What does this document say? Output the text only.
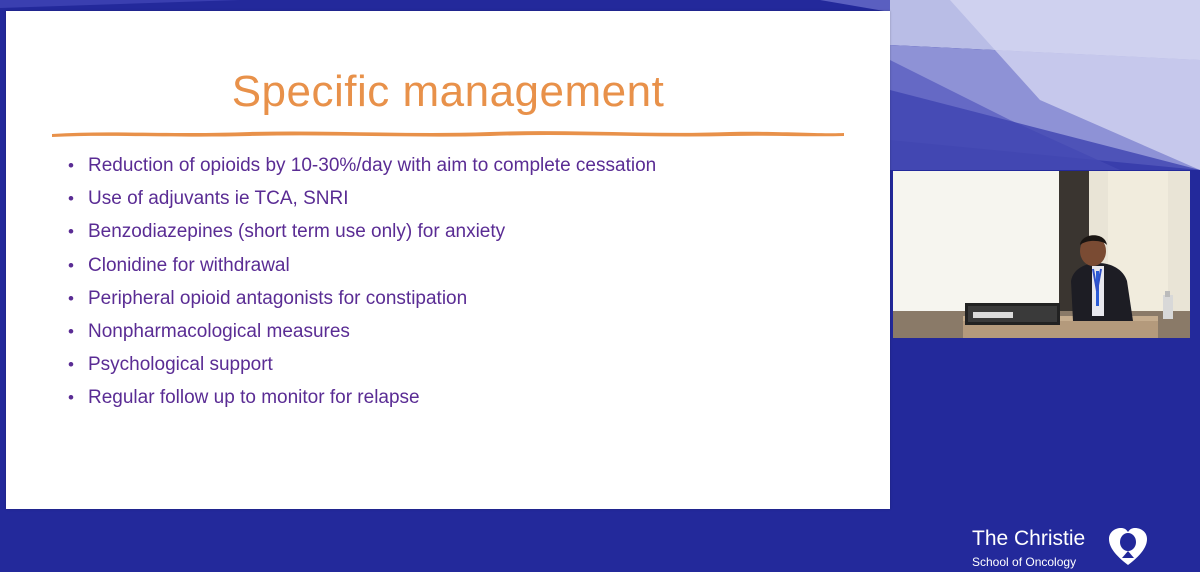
Specific management
• Reduction of opioids by 10-30%/day with aim to complete cessation
• Use of adjuvants ie TCA, SNRI
• Benzodiazepines (short term use only) for anxiety
• Clonidine for withdrawal
• Peripheral opioid antagonists for constipation
• Nonpharmacological measures
• Psychological support
• Regular follow up to monitor for relapse
The Christie
School of Oncology
